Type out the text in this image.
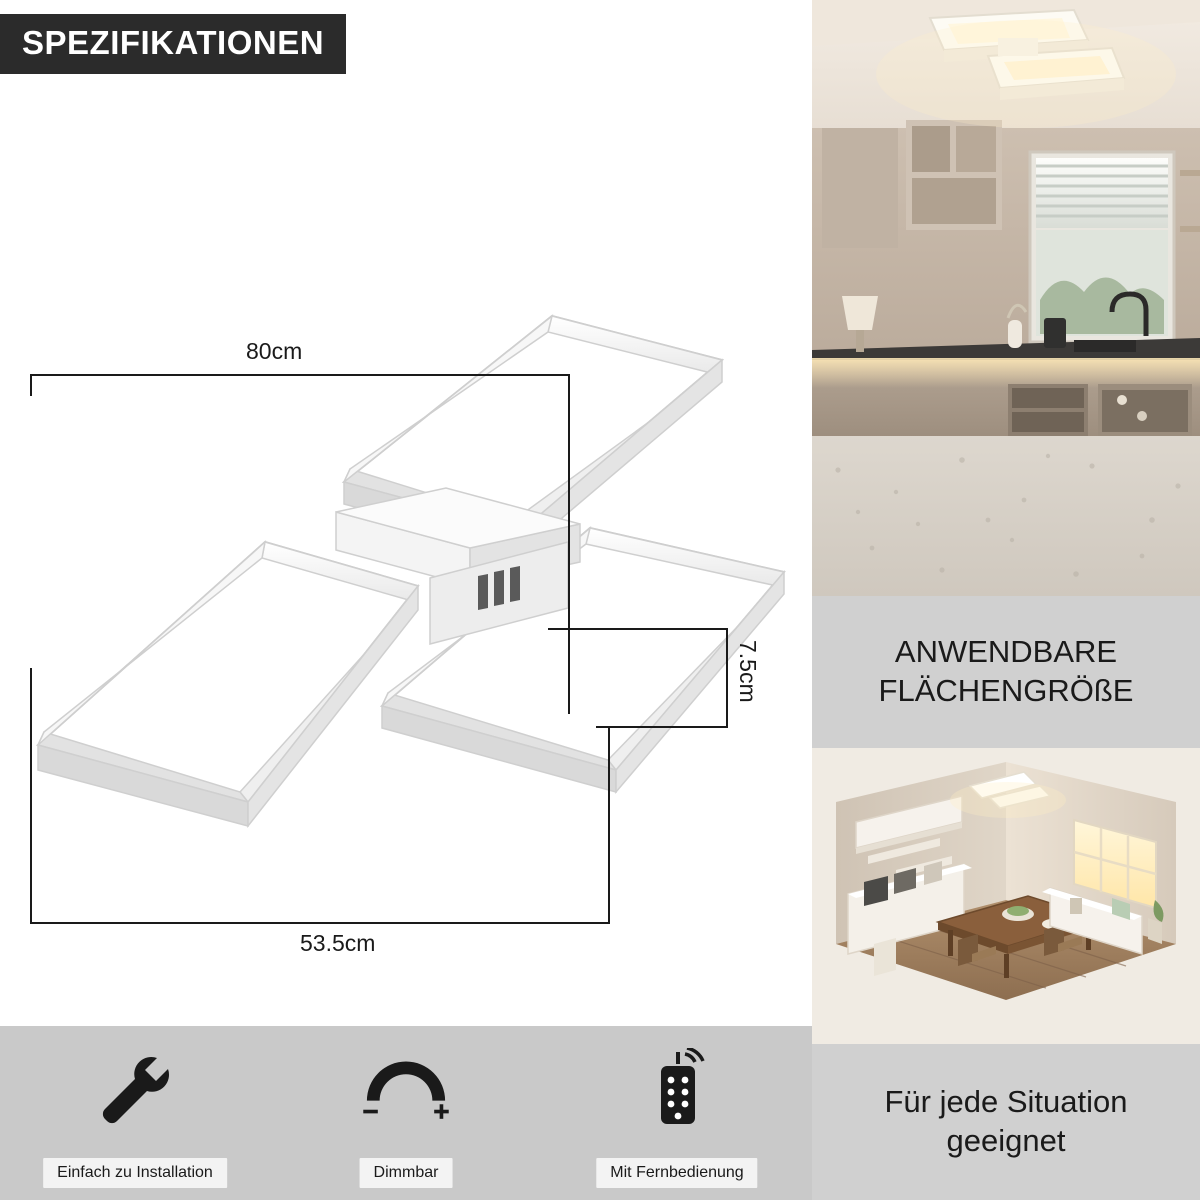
SPEZIFIKATIONEN
80cm
53.5cm
7.5cm
Einfach zu Installation	Dimmbar	Mit Fernbedienung
ANWENDBARE
FLÄCHENGRÖßE
Für jede Situation
geeignet
